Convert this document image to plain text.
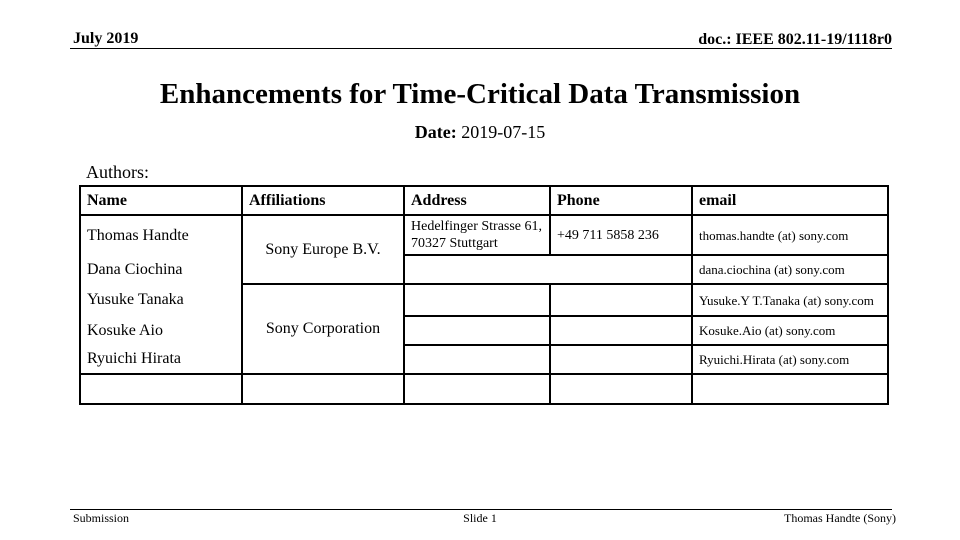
July 2019	doc.: IEEE 802.11-19/1118r0
Enhancements for Time-Critical Data Transmission
Date: 2019-07-15
Authors:
Name	Affiliations	Address	Phone	email
Thomas Handte	Sony Europe B.V.	Hedelfinger Strasse 61, 70327 Stuttgart	+49 711 5858 236	thomas.handte (at) sony.com
Dana Ciochina				dana.ciochina (at) sony.com
Yusuke Tanaka	Sony Corporation			Yusuke.Y T.Tanaka (at) sony.com
Kosuke Aio				Kosuke.Aio (at) sony.com
Ryuichi Hirata				Ryuichi.Hirata (at) sony.com

Submission	Slide 1	Thomas Handte (Sony)
